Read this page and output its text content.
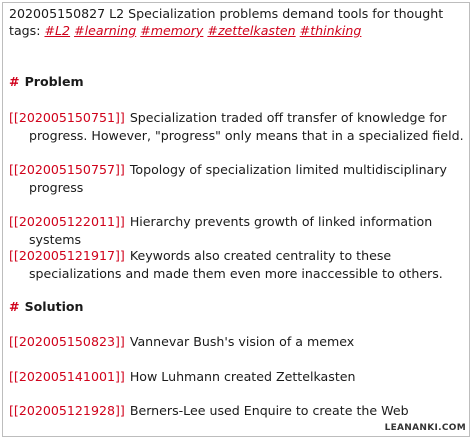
202005150827 L2 Specialization problems demand tools for thought
tags: #L2 #learning #memory #zettelkasten #thinking
# Problem
[[202005150751]] Specialization traded off transfer of knowledge for progress. However, "progress" only means that in a specialized field.
[[202005150757]] Topology of specialization limited multidisciplinary progress
[[202005122011]] Hierarchy prevents growth of linked information systems
[[202005121917]] Keywords also created centrality to these specializations and made them even more inaccessible to others.
# Solution
[[202005150823]] Vannevar Bush's vision of a memex
[[202005141001]] How Luhmann created Zettelkasten
[[202005121928]] Berners-Lee used Enquire to create the Web
LEANANKI.COM
